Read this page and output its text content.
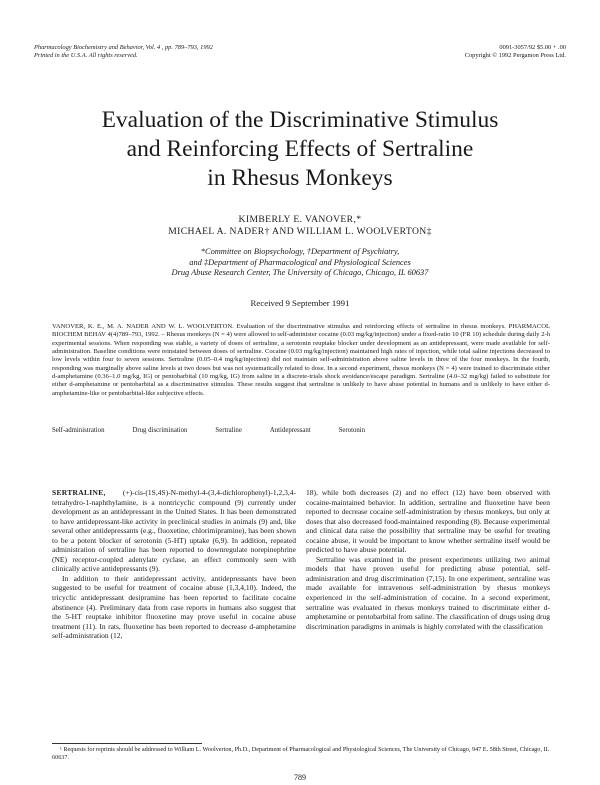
Pharmacology Biochemistry and Behavior, Vol. 4 , pp. 789–793, 1992
Printed in the U.S.A. All rights reserved.
0091-3057/92 $5.00 + .00
Copyright © 1992 Pergamon Press Ltd.
Evaluation of the Discriminative Stimulus
and Reinforcing Effects of Sertraline
in Rhesus Monkeys
KIMBERLY E. VANOVER,*
MICHAEL A. NADER† AND WILLIAM L. WOOLVERTON‡
*Committee on Biopsychology, †Department of Psychiatry,
and ‡Department of Pharmacological and Physiological Sciences
Drug Abuse Research Center, The University of Chicago, Chicago, IL 60637
Received 9 September 1991

VANOVER, K. E., M. A. NADER AND W. L. WOOLVERTON. Evaluation of the discriminative stimulus and reinforcing effects of sertraline in rhesus monkeys. PHARMACOL BIOCHEM BEHAV 4(4)789–793, 1992. – Rhesus monkeys (N = 4) were allowed to self-administer cocaine (0.03 mg/kg/injection) under a fixed-ratio 10 (FR 10) schedule during daily 2-h experimental sessions. When responding was stable, a variety of doses of sertraline, a serotonin reuptake blocker under development as an antidepressant, were made available for self-administration. Baseline conditions were reinstated between doses of sertraline. Cocaine (0.03 mg/kg/injection) maintained high rates of injection, while total saline injections decreased to low levels within four to seven sessions. Sertraline (0.05–0.4 mg/kg/injection) did not maintain self-administration above saline levels in three of the four monkeys. In the fourth, responding was marginally above saline levels at two doses but was not systematically related to dose. In a second experiment, rhesus monkeys (N = 4) were trained to discriminate either d-amphetamine (0.36–1.0 mg/kg, IG) or pentobarbital (10 mg/kg, IG) from saline in a discrete-trials shock avoidance/escape paradigm. Sertraline (4.0–32 mg/kg) failed to substitute for either d-amphetamine or pentobarbital as a discriminative stimulus. These results suggest that sertraline is unlikely to have abuse potential in humans and is unlikely to have either d-amphetamine-like or pentobarbital-like subjective effects.

Self-administration	Drug discrimination	Sertraline	Antidepressant	Serotonin

SERTRALINE, (+)-cis-(1S,4S)-N-methyl-4-(3,4-dichlorophenyl)-1,2,3,4-tetrahydro-1-naphthylamine, is a nontricyclic compound (9) currently under development as an antidepressant in the United States. It has been demonstrated to have antidepressant-like activity in preclinical studies in animals (9) and, like several other antidepressants (e.g., fluoxetine, chlorimipramine), has been shown to be a potent blocker of serotonin (5-HT) uptake (6,9). In addition, repeated administration of sertraline has been reported to downregulate norepinephrine (NE) receptor-coupled adenylate cyclase, an effect commonly seen with clinically active antidepressants (9).

In addition to their antidepressant activity, antidepressants have been suggested to be useful for treatment of cocaine abuse (1,3,4,10). Indeed, the tricyclic antidepressant desipramine has been reported to facilitate cocaine abstinence (4). Preliminary data from case reports in humans also suggest that the 5-HT reuptake inhibitor fluoxetine may prove useful in cocaine abuse treatment (11). In rats, fluoxetine has been reported to decrease d-amphetamine self-administration (12,

18), while both decreases (2) and no effect (12) have been observed with cocaine-maintained behavior. In addition, sertraline and fluoxetine have been reported to decrease cocaine self-administration by rhesus monkeys, but only at doses that also decreased food-maintained responding (8). Because experimental and clinical data raise the possibility that sertraline may be useful for treating cocaine abuse, it would be important to know whether sertraline itself would be predicted to have abuse potential.

Sertraline was examined in the present experiments utilizing two animal models that have proven useful for predicting abuse potential, self-administration and drug discrimination (7,15). In one experiment, sertraline was made available for intravenous self-administration by rhesus monkeys experienced in the self-administration of cocaine. In a second experiment, sertraline was evaluated in rhesus monkeys trained to discriminate either d-amphetamine or pentobarbital from saline. The classification of drugs using drug discrimination paradigms in animals is highly correlated with the classification

¹ Requests for reprints should be addressed to William L. Woolverton, Ph.D., Department of Pharmacological and Physiological Sciences, The University of Chicago, 947 E. 58th Street, Chicago, IL 60637.

789
